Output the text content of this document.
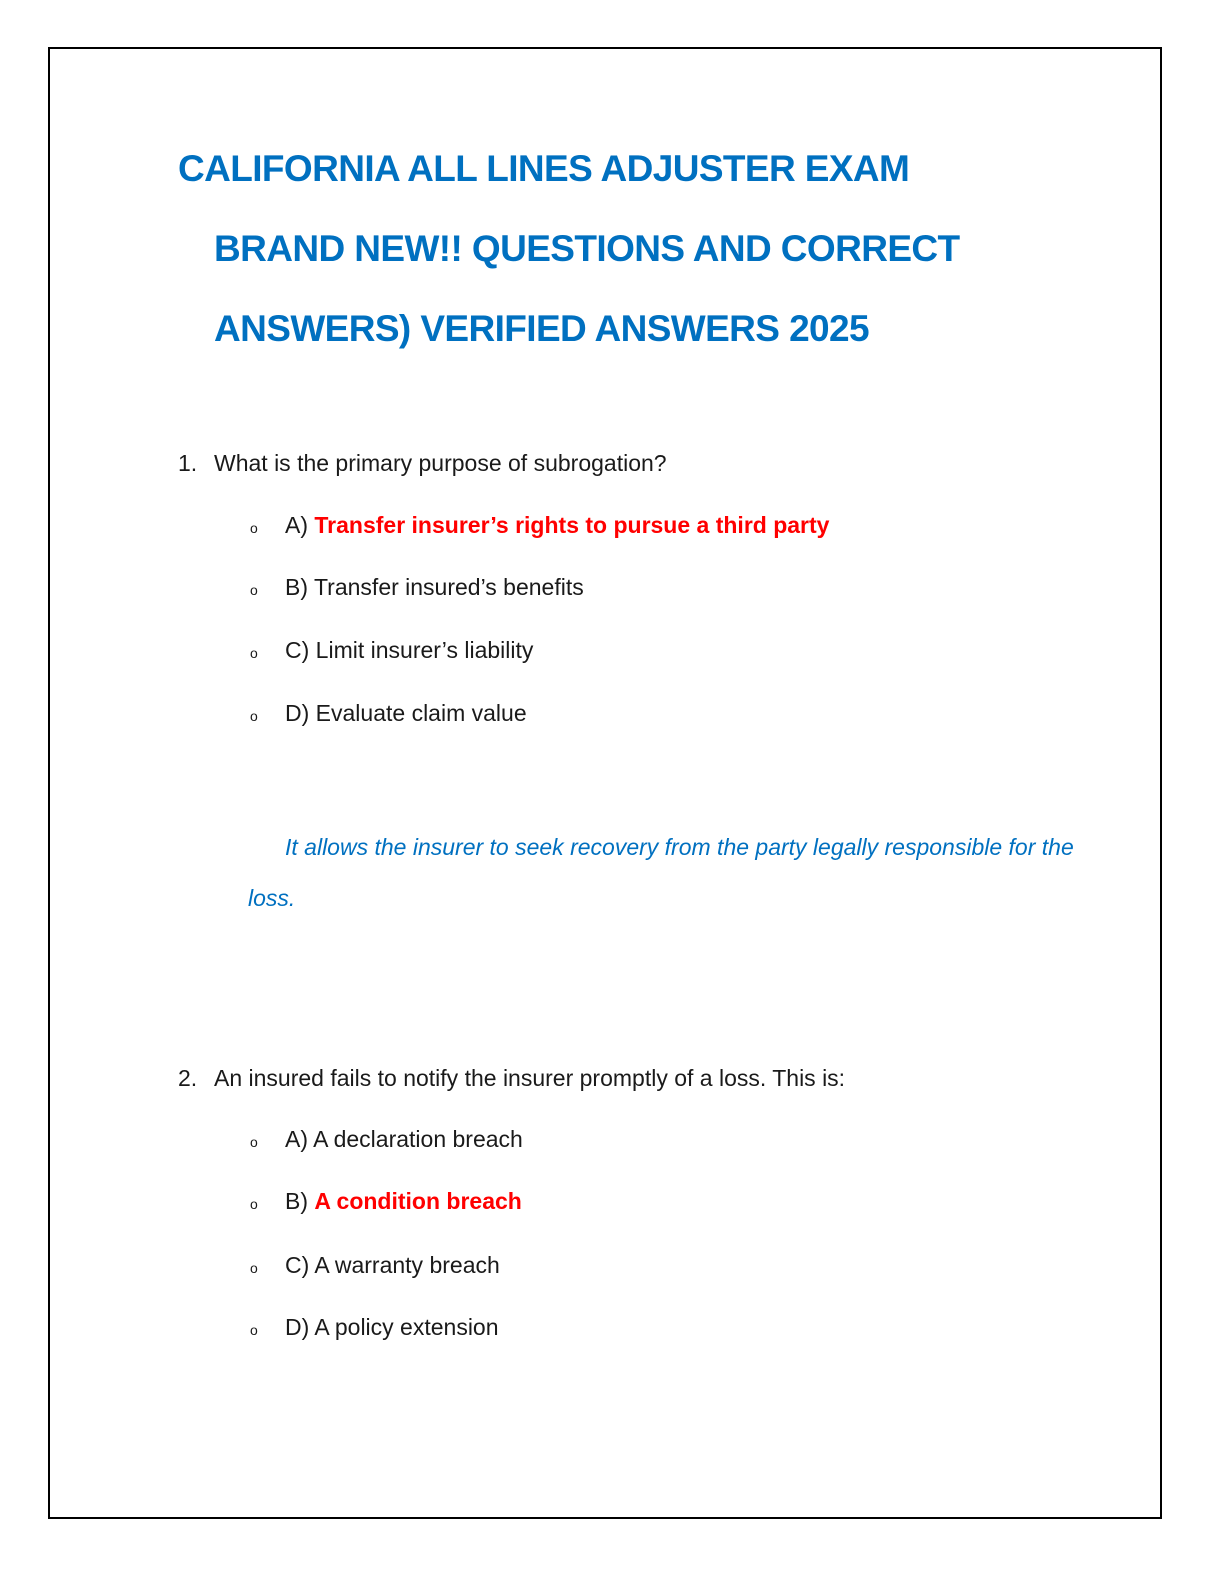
CALIFORNIA ALL LINES ADJUSTER EXAM
BRAND NEW!! QUESTIONS AND CORRECT
ANSWERS) VERIFIED ANSWERS 2025
1. What is the primary purpose of subrogation?
o A) Transfer insurer’s rights to pursue a third party
o B) Transfer insured’s benefits
o C) Limit insurer’s liability
o D) Evaluate claim value

It allows the insurer to seek recovery from the party legally responsible for the loss.

2. An insured fails to notify the insurer promptly of a loss. This is:
o A) A declaration breach
o B) A condition breach
o C) A warranty breach
o D) A policy extension
